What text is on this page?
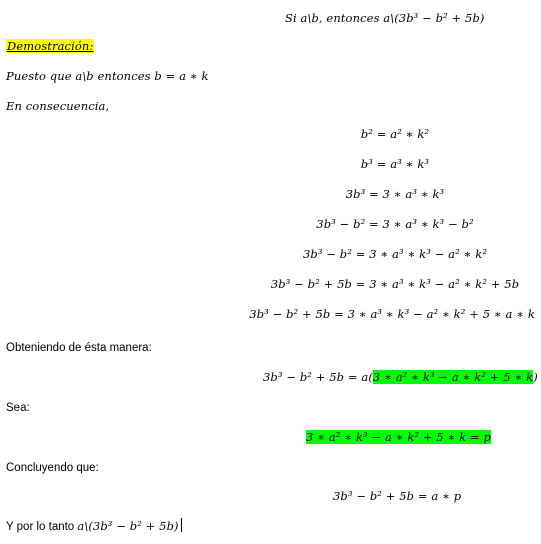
Si a\b, entonces a\(3b³ − b² + 5b)
Demostración:
Puesto que a\b entonces b = a ∗ k
En consecuencia,
b² = a² ∗ k²
b³ = a³ ∗ k³
3b³ = 3 ∗ a³ ∗ k³
3b³ − b² = 3 ∗ a³ ∗ k³ − b²
3b³ − b² = 3 ∗ a³ ∗ k³ − a² ∗ k²
3b³ − b² + 5b = 3 ∗ a³ ∗ k³ − a² ∗ k² + 5b
3b³ − b² + 5b = 3 ∗ a³ ∗ k³ − a² ∗ k² + 5 ∗ a ∗ k
Obteniendo de ésta manera:
3b³ − b² + 5b = a(3 ∗ a² ∗ k³ − a ∗ k² + 5 ∗ k)
Sea:
3 ∗ a² ∗ k³ − a ∗ k² + 5 ∗ k = p
Concluyendo que:
3b³ − b² + 5b = a ∗ p
Y por lo tanto a\(3b³ − b² + 5b)
